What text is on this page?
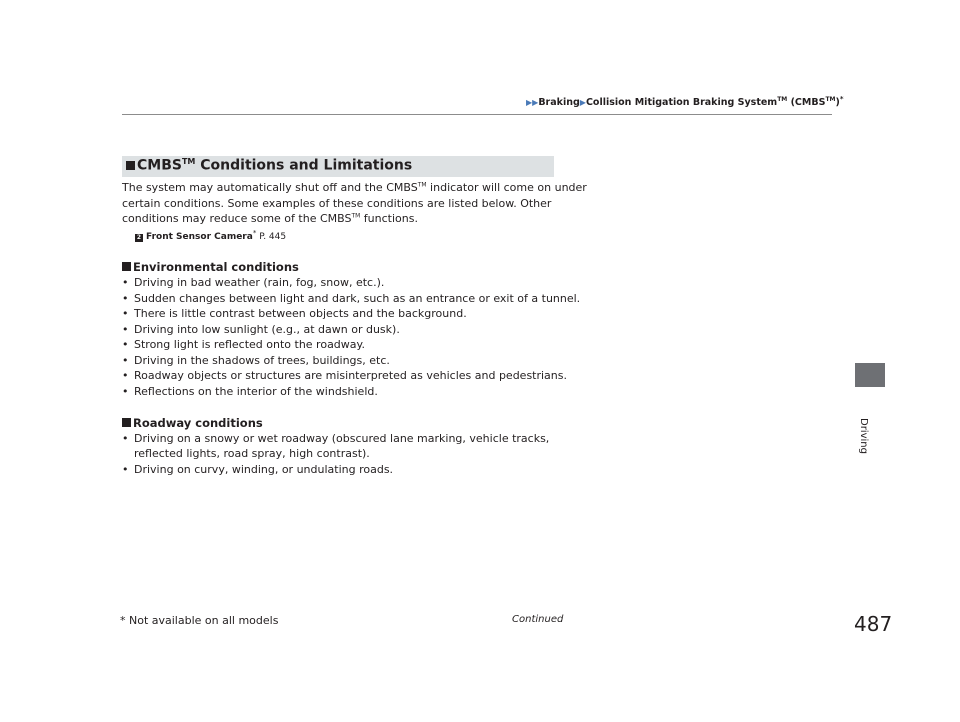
▶▶Braking▶Collision Mitigation Braking System™ (CMBS™)*
CMBS™ Conditions and Limitations
The system may automatically shut off and the CMBS™ indicator will come on under
certain conditions. Some examples of these conditions are listed below. Other
conditions may reduce some of the CMBS™ functions.
2 Front Sensor Camera* P. 445
Environmental conditions
• Driving in bad weather (rain, fog, snow, etc.).
• Sudden changes between light and dark, such as an entrance or exit of a tunnel.
• There is little contrast between objects and the background.
• Driving into low sunlight (e.g., at dawn or dusk).
• Strong light is reflected onto the roadway.
• Driving in the shadows of trees, buildings, etc.
• Roadway objects or structures are misinterpreted as vehicles and pedestrians.
• Reflections on the interior of the windshield.
Roadway conditions
• Driving on a snowy or wet roadway (obscured lane marking, vehicle tracks,
reflected lights, road spray, high contrast).
• Driving on curvy, winding, or undulating roads.
Driving
* Not available on all models	Continued	487
